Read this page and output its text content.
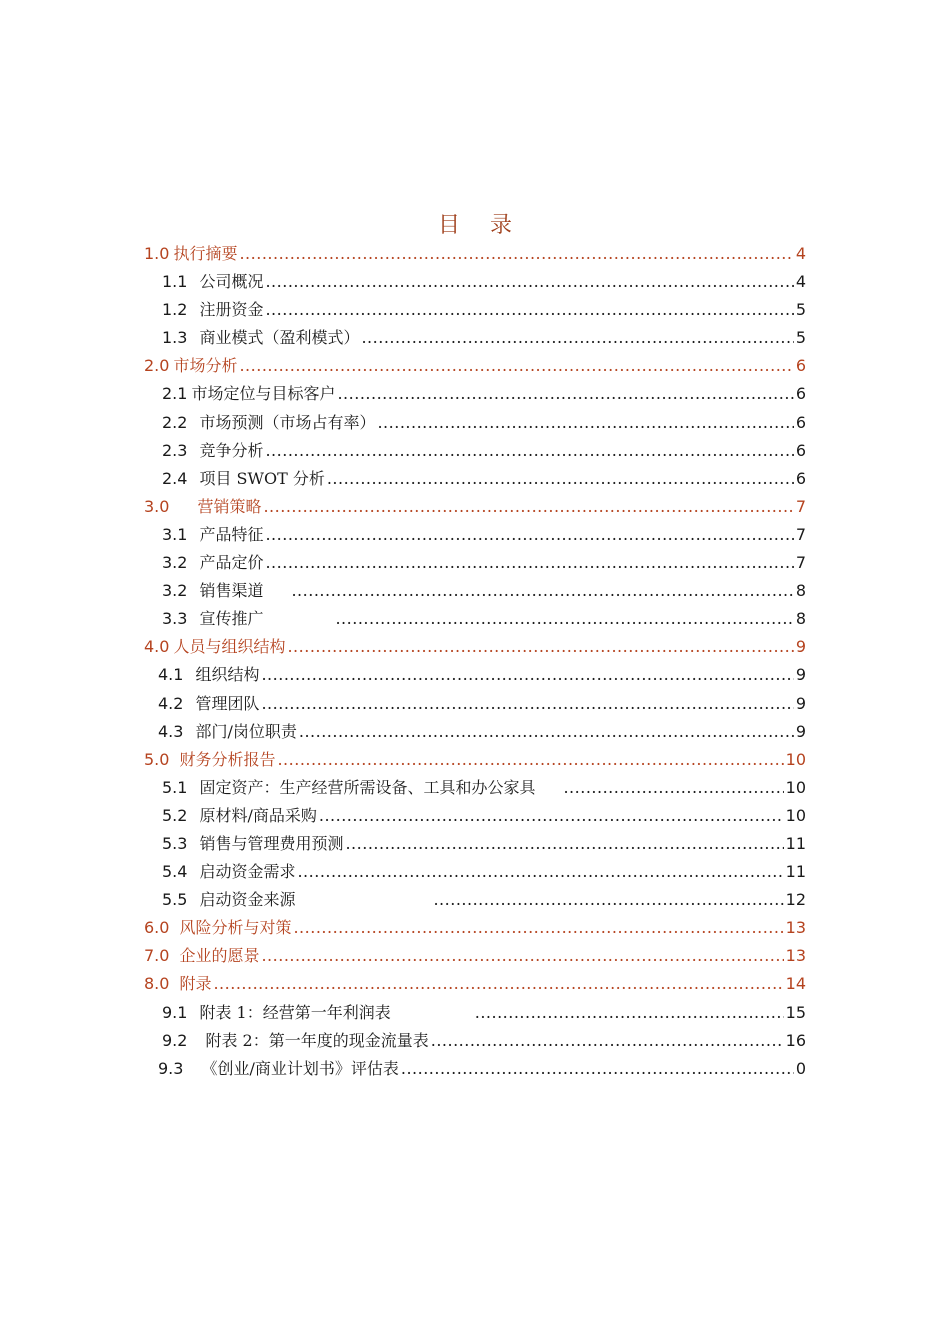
目 录
1.0 执行摘要 .....	4
1.1 公司概况 .....	4
1.2 注册资金 .....	5
1.3 商业模式（盈利模式） .....	5
2.0 市场分析 .....	6
2.1 市场定位与目标客户 .....	6
2.2 市场预测（市场占有率） .....	6
2.3 竞争分析 .....	6
2.4 项目 SWOT 分析 .....	6
3.0 营销策略 .....	7
3.1 产品特征 .....	7
3.2 产品定价 .....	7
3.2 销售渠道 .....	8
3.3 宣传推广 .....	8
4.0 人员与组织结构 .....	9
4.1 组织结构 .....	9
4.2 管理团队 .....	9
4.3 部门/岗位职责 .....	9
5.0 财务分析报告 .....	10
5.1 固定资产：生产经营所需设备、工具和办公家具 .....	10
5.2 原材料/商品采购 .....	10
5.3 销售与管理费用预测 .....	11
5.4 启动资金需求 .....	11
5.5 启动资金来源 .....	12
6.0 风险分析与对策 .....	13
7.0 企业的愿景 .....	13
8.0 附录 .....	14
9.1 附表 1：经营第一年利润表 .....	15
9.2 附表 2：第一年度的现金流量表 .....	16
9.3 《创业/商业计划书》评估表 .....	0
